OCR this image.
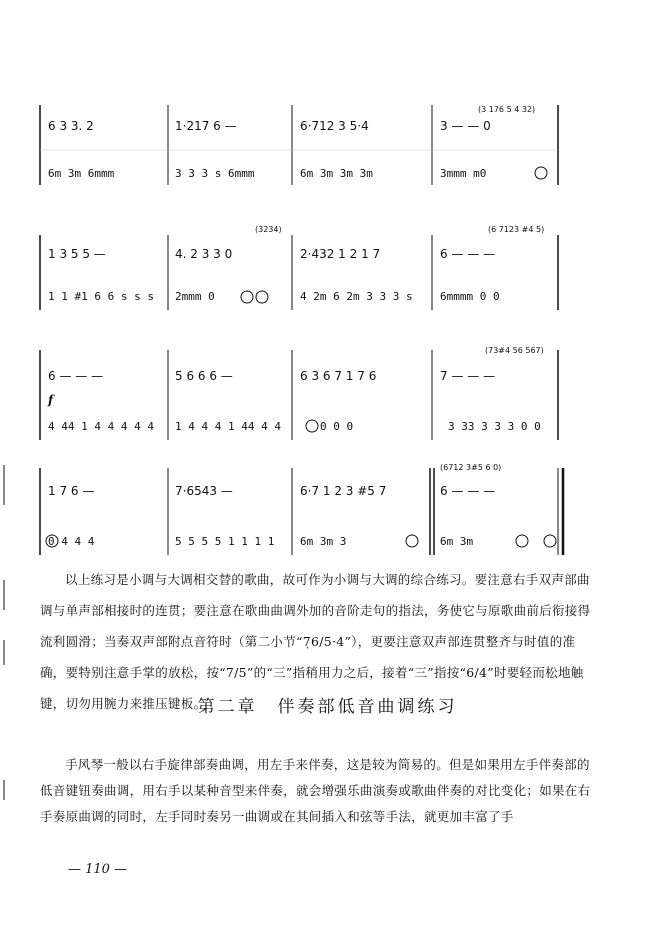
6 3 3. 2	1·217 6 —	6·712 3 5·4	3 — — 0
6m 3m 6mmm	3 3 3 s 6mmm	6m 3m 3m 3m	3mmm m0
(3 176 5 4 32)
1 3 5 5 —	4. 2 3 3 0	2·432 1 2 1 7	6 — — —
1 1 #1 6 6 s s s 2mmm 0	4 2m 6 2m 3 3 3 s 6mmmm 0 0
(3234)	(6 7123 #4 5)
6 — — —	5 6 6 6 —	6 3 6 7 1 7 6	7 — — —
f
4 44 1 4 4 4 4 4 1 4 4 4 1 44 4 4	0 0 0	3 33 3 3 3 0 0
(73#4 56 567)
1 7 6 —	7·6543 —	6·7 1 2 3 #5 7	6 — — —
0 4 4 4	5 5 5 5 1 1 1 1 6m 3m 3	6m 3m
(6712 3#5 6 0)

以上练习是小调与大调相交替的歌曲，故可作为小调与大调的综合练习。要注意右手双声部曲调与单声部相接时的连贯；要注意在歌曲曲调外加的音阶走句的指法，务使它与原歌曲前后衔接得流利圆滑；当奏双声部附点音符时（第二小节“7̣6/5·4”），更要注意双声部连贯整齐与时值的准确，要特别注意手掌的放松，按“7/5”的“三”指稍用力之后，接着“三”指按“6/4”时要轻而松地触键，切勿用腕力来推压键板。

第二章　伴奏部低音曲调练习

手风琴一般以右手旋律部奏曲调，用左手来伴奏，这是较为简易的。但是如果用左手伴奏部的低音键钮奏曲调，用右手以某种音型来伴奏，就会增强乐曲演奏或歌曲伴奏的对比变化；如果在右手奏原曲调的同时，左手同时奏另一曲调或在其间插入和弦等手法，就更加丰富了手

— 110 —
